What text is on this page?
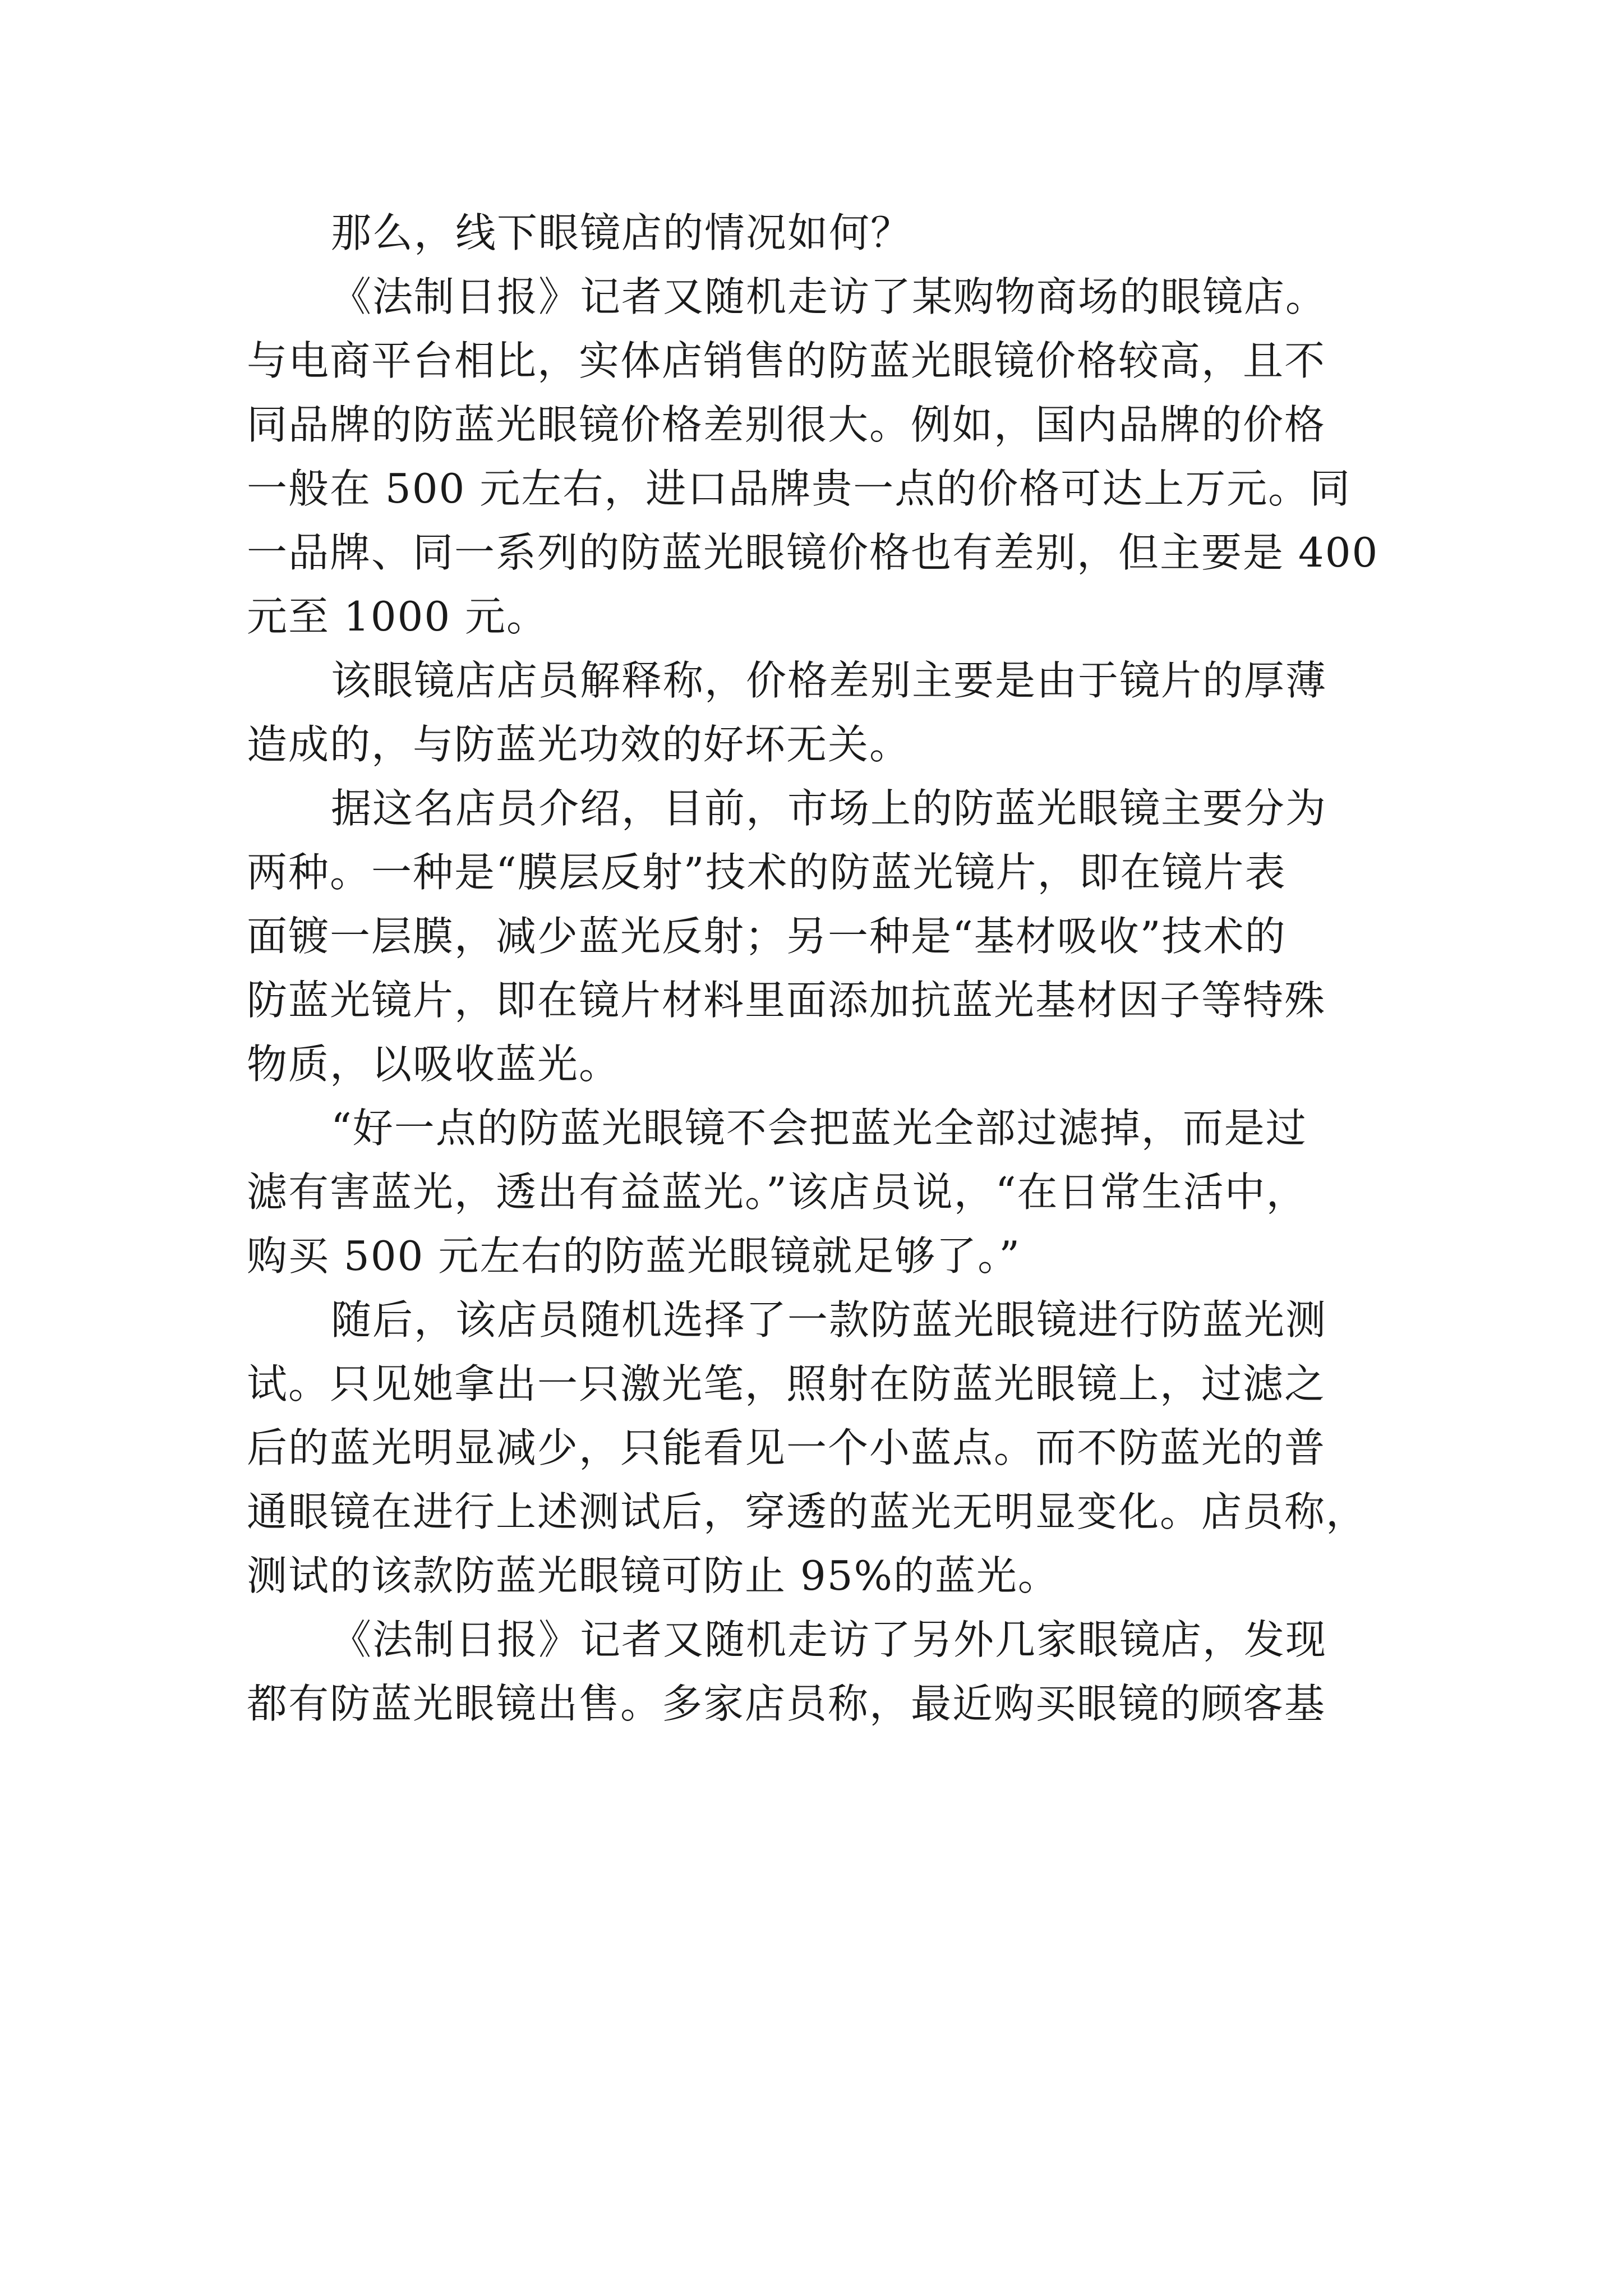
那么，线下眼镜店的情况如何？
《法制日报》记者又随机走访了某购物商场的眼镜店。
与电商平台相比，实体店销售的防蓝光眼镜价格较高，且不
同品牌的防蓝光眼镜价格差别很大。例如，国内品牌的价格
一般在 500 元左右，进口品牌贵一点的价格可达上万元。同
一品牌、同一系列的防蓝光眼镜价格也有差别，但主要是 400
元至 1000 元。
该眼镜店店员解释称，价格差别主要是由于镜片的厚薄
造成的，与防蓝光功效的好坏无关。
据这名店员介绍，目前，市场上的防蓝光眼镜主要分为
两种。一种是“膜层反射”技术的防蓝光镜片，即在镜片表
面镀一层膜，减少蓝光反射；另一种是“基材吸收”技术的
防蓝光镜片，即在镜片材料里面添加抗蓝光基材因子等特殊
物质，以吸收蓝光。
“好一点的防蓝光眼镜不会把蓝光全部过滤掉，而是过
滤有害蓝光，透出有益蓝光。”该店员说，“在日常生活中，
购买 500 元左右的防蓝光眼镜就足够了。”
随后，该店员随机选择了一款防蓝光眼镜进行防蓝光测
试。只见她拿出一只激光笔，照射在防蓝光眼镜上，过滤之
后的蓝光明显减少，只能看见一个小蓝点。而不防蓝光的普
通眼镜在进行上述测试后，穿透的蓝光无明显变化。店员称，
测试的该款防蓝光眼镜可防止 95%的蓝光。
《法制日报》记者又随机走访了另外几家眼镜店，发现
都有防蓝光眼镜出售。多家店员称，最近购买眼镜的顾客基
